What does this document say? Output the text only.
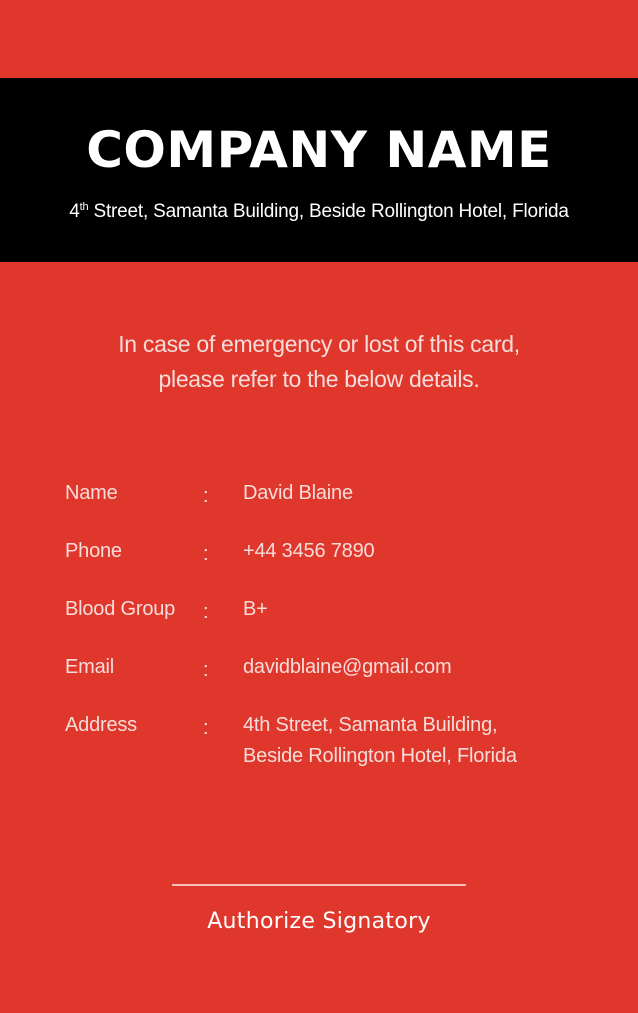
COMPANY NAME
4th Street, Samanta Building, Beside Rollington Hotel, Florida
In case of emergency or lost of this card,
please refer to the below details.
Name	: David Blaine
Phone	: +44 3456 7890
Blood Group	: B+
Email	: davidblaine@gmail.com
Address	: 4th Street, Samanta Building,
Beside Rollington Hotel, Florida
Authorize Signatory
